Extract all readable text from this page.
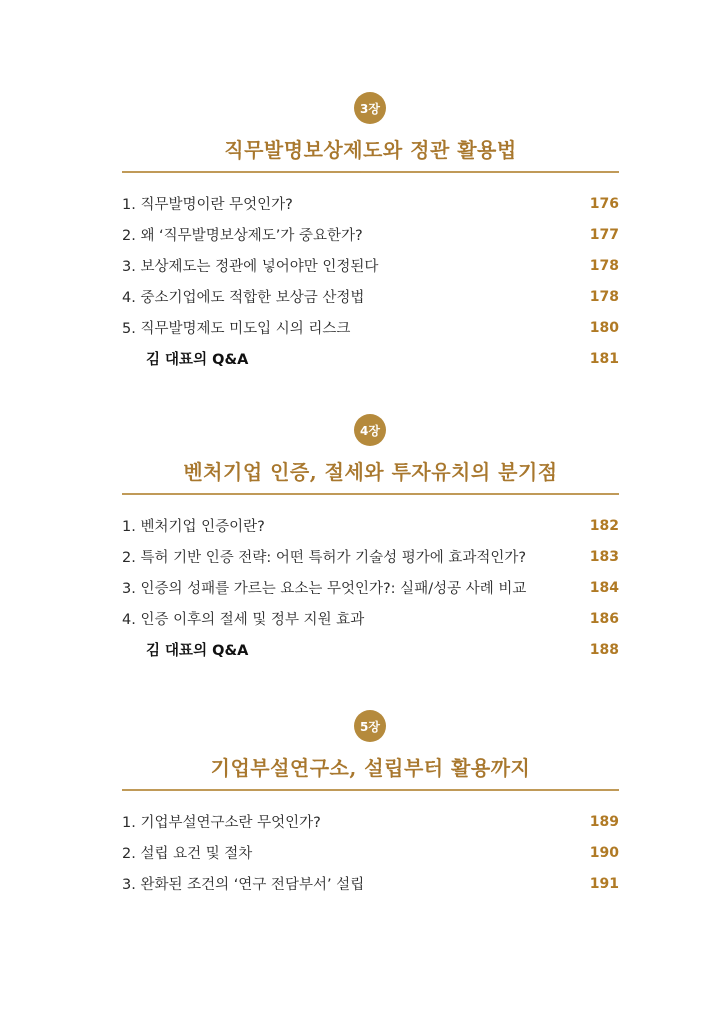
3장
직무발명보상제도와 정관 활용법
1. 직무발명이란 무엇인가?	176
2. 왜 ‘직무발명보상제도’가 중요한가?	177
3. 보상제도는 정관에 넣어야만 인정된다	178
4. 중소기업에도 적합한 보상금 산정법	178
5. 직무발명제도 미도입 시의 리스크	180
김 대표의 Q&A	181
4장
벤처기업 인증, 절세와 투자유치의 분기점
1. 벤처기업 인증이란?	182
2. 특허 기반 인증 전략: 어떤 특허가 기술성 평가에 효과적인가?	183
3. 인증의 성패를 가르는 요소는 무엇인가?: 실패/성공 사례 비교	184
4. 인증 이후의 절세 및 정부 지원 효과	186
김 대표의 Q&A	188
5장
기업부설연구소, 설립부터 활용까지
1. 기업부설연구소란 무엇인가?	189
2. 설립 요건 및 절차	190
3. 완화된 조건의 ‘연구 전담부서’ 설립	191
